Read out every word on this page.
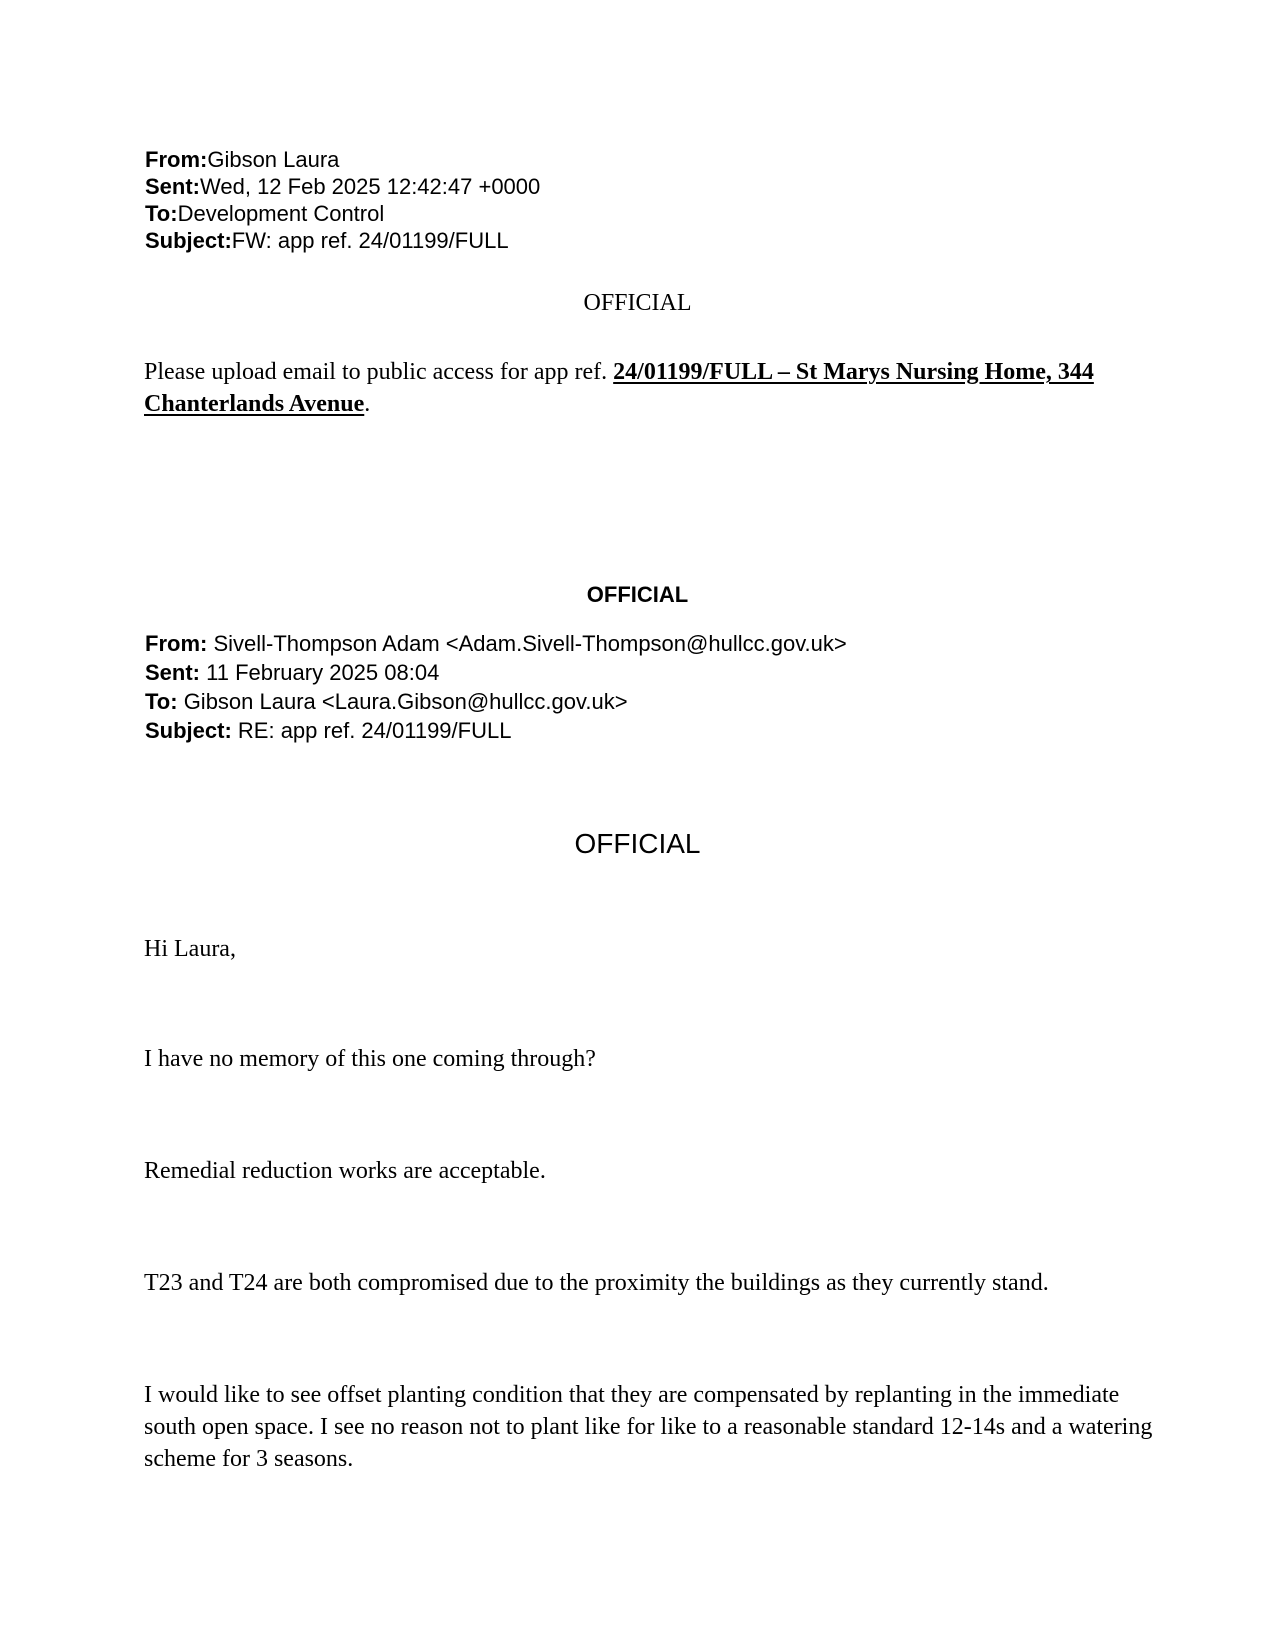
From:Gibson Laura
Sent:Wed, 12 Feb 2025 12:42:47 +0000
To:Development Control
Subject:FW: app ref. 24/01199/FULL
OFFICIAL

Please upload email to public access for app ref. 24/01199/FULL – St Marys Nursing Home, 344 Chanterlands Avenue.

OFFICIAL
From: Sivell-Thompson Adam <Adam.Sivell-Thompson@hullcc.gov.uk>
Sent: 11 February 2025 08:04
To: Gibson Laura <Laura.Gibson@hullcc.gov.uk>
Subject: RE: app ref. 24/01199/FULL
OFFICIAL

Hi Laura,

I have no memory of this one coming through?

Remedial reduction works are acceptable.

T23 and T24 are both compromised due to the proximity the buildings as they currently stand.

I would like to see offset planting condition that they are compensated by replanting in the immediate south open space. I see no reason not to plant like for like to a reasonable standard 12-14s and a watering scheme for 3 seasons.
